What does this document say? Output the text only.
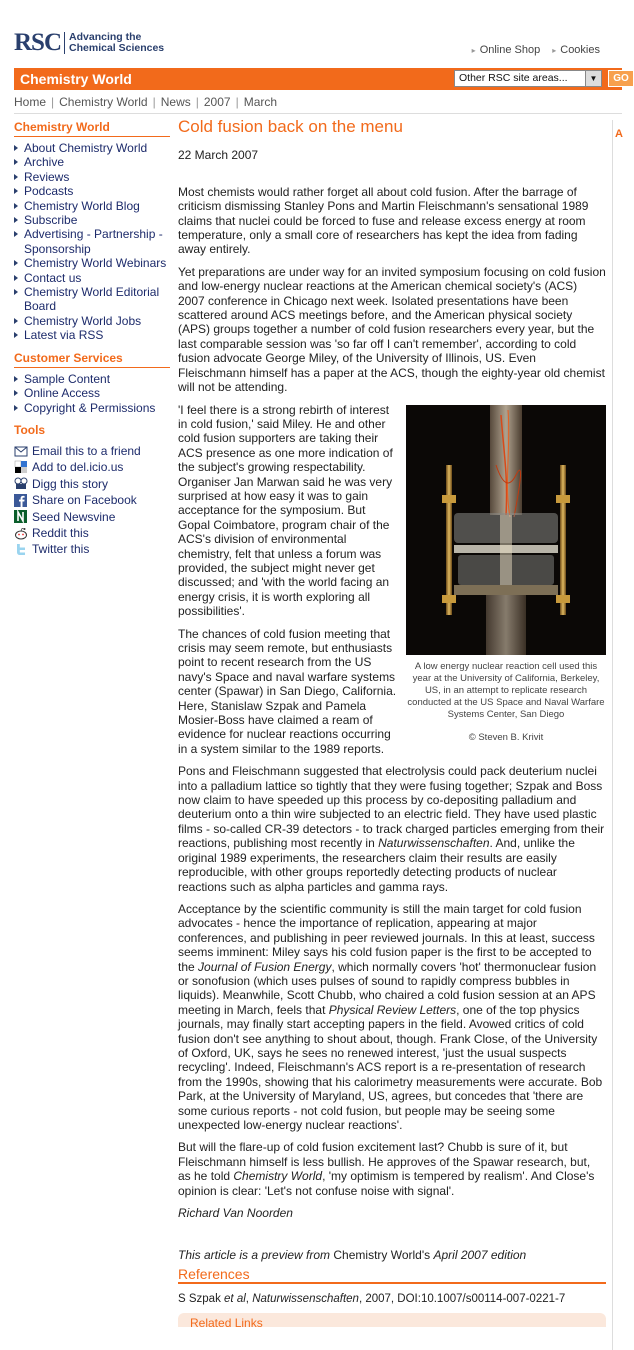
RSC Advancing the
Chemical Sciences	▸ Online Shop ▸ Cookies
Chemistry World	Other RSC site areas...	▼	GO
Home | Chemistry World | News | 2007 | March
Chemistry World
About Chemistry World
Archive
Reviews
Podcasts
Chemistry World Blog
Subscribe
Advertising - Partnership - Sponsorship
Chemistry World Webinars
Contact us
Chemistry World Editorial Board
Chemistry World Jobs
Latest via RSS
Customer Services
Sample Content
Online Access
Copyright & Permissions
Tools
Email this to a friend
Add to del.icio.us
Digg this story
Share on Facebook
Seed Newsvine
Reddit this
Twitter this
Cold fusion back on the menu
22 March 2007

Most chemists would rather forget all about cold fusion. After the barrage of criticism dismissing Stanley Pons and Martin Fleischmann's sensational 1989 claims that nuclei could be forced to fuse and release excess energy at room temperature, only a small core of researchers has kept the idea from fading away entirely.

Yet preparations are under way for an invited symposium focusing on cold fusion and low-energy nuclear reactions at the American chemical society's (ACS) 2007 conference in Chicago next week. Isolated presentations have been scattered around ACS meetings before, and the American physical society (APS) groups together a number of cold fusion researchers every year, but the last comparable session was 'so far off I can't remember', according to cold fusion advocate George Miley, of the University of Illinois, US. Even Fleischmann himself has a paper at the ACS, though the eighty-year old chemist will not be attending.

A low energy nuclear reaction cell used this year at the University of California, Berkeley, US, in an attempt to replicate research conducted at the US Space and Naval Warfare Systems Center, San Diego
© Steven B. Krivit

'I feel there is a strong rebirth of interest in cold fusion,' said Miley. He and other cold fusion supporters are taking their ACS presence as one more indication of the subject's growing respectability. Organiser Jan Marwan said he was very surprised at how easy it was to gain acceptance for the symposium. But Gopal Coimbatore, program chair of the ACS's division of environmental chemistry, felt that unless a forum was provided, the subject might never get discussed; and 'with the world facing an energy crisis, it is worth exploring all possibilities'.

The chances of cold fusion meeting that crisis may seem remote, but enthusiasts point to recent research from the US navy's Space and naval warfare systems center (Spawar) in San Diego, California. Here, Stanislaw Szpak and Pamela Mosier-Boss have claimed a ream of evidence for nuclear reactions occurring in a system similar to the 1989 reports.

Pons and Fleischmann suggested that electrolysis could pack deuterium nuclei into a palladium lattice so tightly that they were fusing together; Szpak and Boss now claim to have speeded up this process by co-depositing palladium and deuterium onto a thin wire subjected to an electric field. They have used plastic
films - so-called CR-39 detectors - to track charged particles emerging from their reactions, publishing most recently in Naturwissenschaften. And, unlike the original 1989 experiments, the researchers claim their results are easily reproducible, with other groups reportedly detecting products of nuclear reactions such as alpha particles and gamma rays.

Acceptance by the scientific community is still the main target for cold fusion advocates - hence the importance of replication, appearing at major conferences, and publishing in peer reviewed journals. In this at least, success seems imminent: Miley says his cold fusion paper is the first to be accepted to the Journal of Fusion Energy, which normally covers 'hot' thermonuclear fusion or sonofusion (which uses pulses of sound to rapidly compress bubbles in liquids). Meanwhile, Scott Chubb, who chaired a cold fusion session at an APS meeting in March, feels that Physical Review Letters, one of the top physics journals, may finally start accepting papers in the field. Avowed critics of cold fusion don't see anything to shout about, though. Frank Close, of the University of Oxford, UK, says he sees no renewed interest, 'just the usual suspects recycling'. Indeed, Fleischmann's ACS report is a re-presentation of research from the 1990s, showing that his calorimetry measurements were accurate. Bob Park, at the University of Maryland, US, agrees, but concedes that 'there are some curious reports - not cold fusion, but people may be seeing some unexpected low-energy nuclear reactions'.

But will the flare-up of cold fusion excitement last? Chubb is sure of it, but Fleischmann himself is less bullish. He approves of the Spawar research, but, as he told Chemistry World, 'my optimism is tempered by realism'. And Close's opinion is clear: 'Let's not confuse noise with signal'.

Richard Van Noorden

This article is a preview from Chemistry World's April 2007 edition

References

S Szpak et al, Naturwissenschaften, 2007, DOI:10.1007/s00114-007-0221-7

Related Links
A
